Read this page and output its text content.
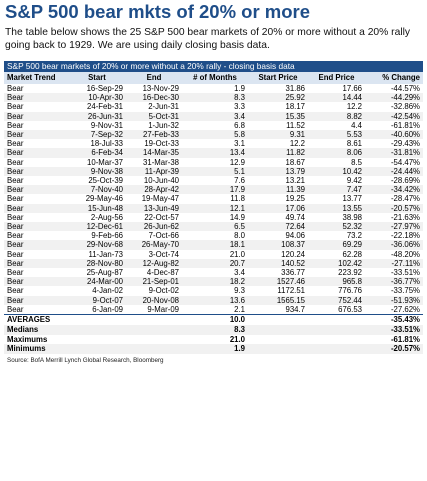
S&P 500 bear mkts of 20% or more
The table below shows the 25 S&P 500 bear markets of 20% or more without a 20% rally going back to 1929. We are using daily closing basis data.
S&P 500 bear markets of 20% or more without a 20% rally - closing basis data
Market Trend	Start	End	# of Months	Start Price	End Price	% Change
Bear	16-Sep-29	13-Nov-29	1.9	31.86	17.66	-44.57%
Bear	10-Apr-30	16-Dec-30	8.3	25.92	14.44	-44.29%
Bear	24-Feb-31	2-Jun-31	3.3	18.17	12.2	-32.86%
Bear	26-Jun-31	5-Oct-31	3.4	15.35	8.82	-42.54%
Bear	9-Nov-31	1-Jun-32	6.8	11.52	4.4	-61.81%
Bear	7-Sep-32	27-Feb-33	5.8	9.31	5.53	-40.60%
Bear	18-Jul-33	19-Oct-33	3.1	12.2	8.61	-29.43%
Bear	6-Feb-34	14-Mar-35	13.4	11.82	8.06	-31.81%
Bear	10-Mar-37	31-Mar-38	12.9	18.67	8.5	-54.47%
Bear	9-Nov-38	11-Apr-39	5.1	13.79	10.42	-24.44%
Bear	25-Oct-39	10-Jun-40	7.6	13.21	9.42	-28.69%
Bear	7-Nov-40	28-Apr-42	17.9	11.39	7.47	-34.42%
Bear	29-May-46	19-May-47	11.8	19.25	13.77	-28.47%
Bear	15-Jun-48	13-Jun-49	12.1	17.06	13.55	-20.57%
Bear	2-Aug-56	22-Oct-57	14.9	49.74	38.98	-21.63%
Bear	12-Dec-61	26-Jun-62	6.5	72.64	52.32	-27.97%
Bear	9-Feb-66	7-Oct-66	8.0	94.06	73.2	-22.18%
Bear	29-Nov-68	26-May-70	18.1	108.37	69.29	-36.06%
Bear	11-Jan-73	3-Oct-74	21.0	120.24	62.28	-48.20%
Bear	28-Nov-80	12-Aug-82	20.7	140.52	102.42	-27.11%
Bear	25-Aug-87	4-Dec-87	3.4	336.77	223.92	-33.51%
Bear	24-Mar-00	21-Sep-01	18.2	1527.46	965.8	-36.77%
Bear	4-Jan-02	9-Oct-02	9.3	1172.51	776.76	-33.75%
Bear	9-Oct-07	20-Nov-08	13.6	1565.15	752.44	-51.93%
Bear	6-Jan-09	9-Mar-09	2.1	934.7	676.53	-27.62%
AVERAGES			10.0			-35.43%
Medians			8.3			-33.51%
Maximums			21.0			-61.81%
Minimums			1.9			-20.57%
Source: BofA Merrill Lynch Global Research, Bloomberg
